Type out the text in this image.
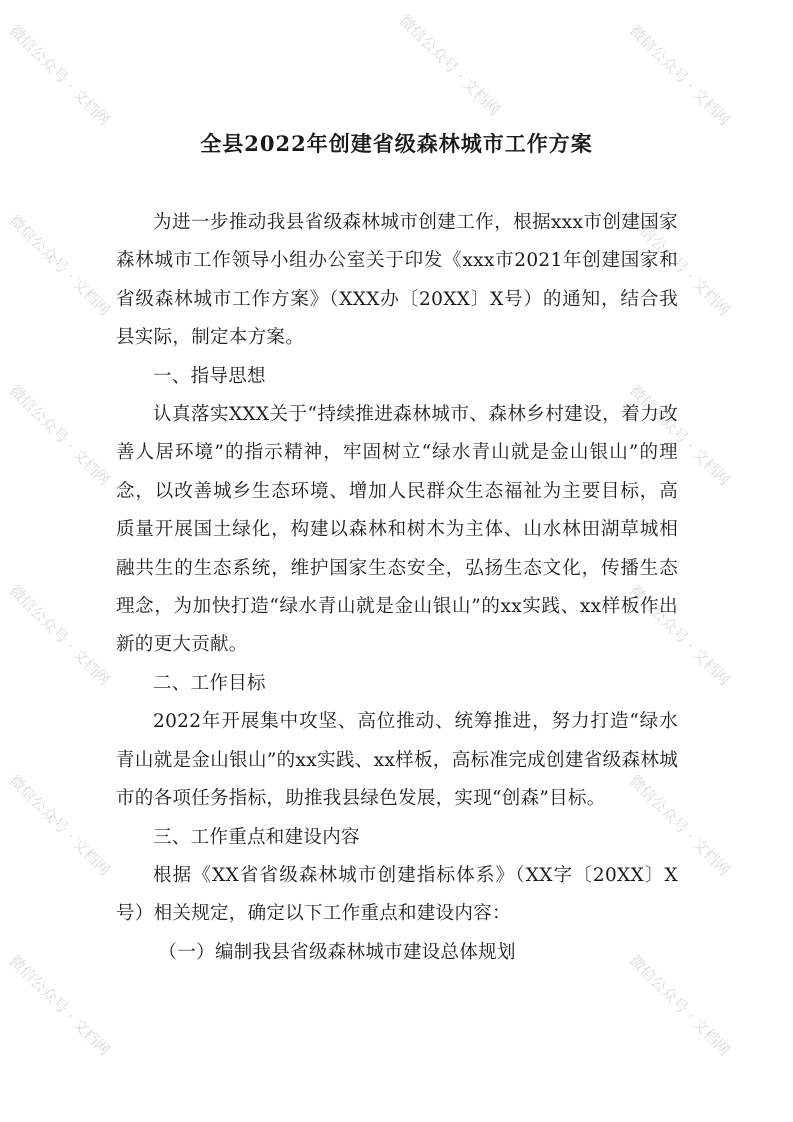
微信公众号 · 文档网	微信公众号 · 文档网	微信公众号 · 文档网
微信公众号 · 文档网	微信公众号 · 文档网
微信公众号 · 文档网	微信公众号 · 文档网
微信公众号 · 文档网	微信公众号 · 文档网
微信公众号 · 文档网	微信公众号 · 文档网
微信公众号 · 文档网	微信公众号 · 文档网
全县2022年创建省级森林城市工作方案

为进一步推动我县省级森林城市创建工作，根据xxx市创建国家森林城市工作领导小组办公室关于印发《xxx市2021年创建国家和省级森林城市工作方案》（XXX办〔20XX〕X号）的通知，结合我县实际，制定本方案。

一、指导思想

认真落实XXX关于“持续推进森林城市、森林乡村建设，着力改善人居环境”的指示精神，牢固树立“绿水青山就是金山银山”的理念，以改善城乡生态环境、增加人民群众生态福祉为主要目标，高质量开展国土绿化，构建以森林和树木为主体、山水林田湖草城相融共生的生态系统，维护国家生态安全，弘扬生态文化，传播生态理念，为加快打造“绿水青山就是金山银山”的xx实践、xx样板作出新的更大贡献。

二、工作目标

2022年开展集中攻坚、高位推动、统筹推进，努力打造“绿水青山就是金山银山”的xx实践、xx样板，高标准完成创建省级森林城市的各项任务指标，助推我县绿色发展，实现“创森”目标。

三、工作重点和建设内容

根据《XX省省级森林城市创建指标体系》（XX字〔20XX〕X号）相关规定，确定以下工作重点和建设内容：

（一）编制我县省级森林城市建设总体规划
